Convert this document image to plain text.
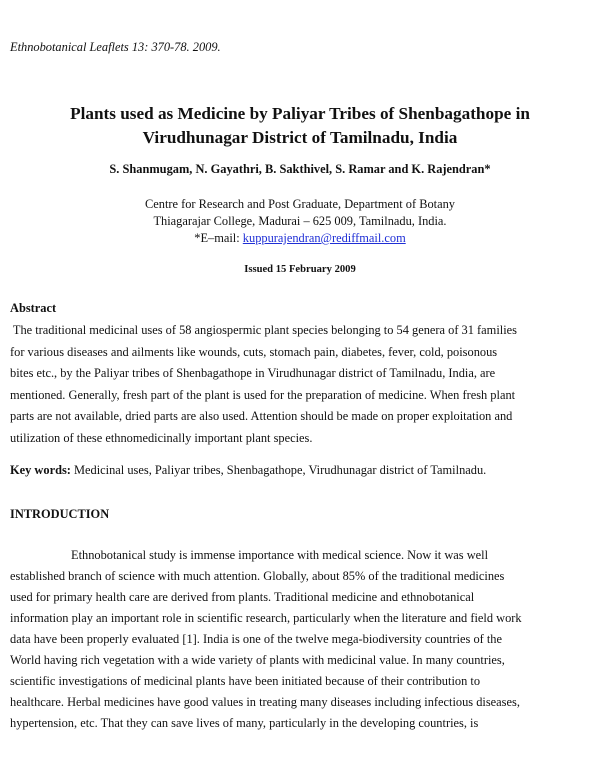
Ethnobotanical Leaflets 13: 370-78. 2009.
Plants used as Medicine by Paliyar Tribes of Shenbagathope in
Virudhunagar District of Tamilnadu, India
S. Shanmugam, N. Gayathri, B. Sakthivel, S. Ramar and K. Rajendran*
Centre for Research and Post Graduate, Department of Botany
Thiagarajar College, Madurai – 625 009, Tamilnadu, India.
*E–mail: kuppurajendran@rediffmail.com
Issued 15 February 2009
Abstract
The traditional medicinal uses of 58 angiospermic plant species belonging to 54 genera of 31 families
for various diseases and ailments like wounds, cuts, stomach pain, diabetes, fever, cold, poisonous
bites etc., by the Paliyar tribes of Shenbagathope in Virudhunagar district of Tamilnadu, India, are
mentioned. Generally, fresh part of the plant is used for the preparation of medicine. When fresh plant
parts are not available, dried parts are also used. Attention should be made on proper exploitation and
utilization of these ethnomedicinally important plant species.
Key words: Medicinal uses, Paliyar tribes, Shenbagathope, Virudhunagar district of Tamilnadu.
INTRODUCTION
Ethnobotanical study is immense importance with medical science. Now it was well
established branch of science with much attention. Globally, about 85% of the traditional medicines
used for primary health care are derived from plants. Traditional medicine and ethnobotanical
information play an important role in scientific research, particularly when the literature and field work
data have been properly evaluated [1]. India is one of the twelve mega-biodiversity countries of the
World having rich vegetation with a wide variety of plants with medicinal value. In many countries,
scientific investigations of medicinal plants have been initiated because of their contribution to
healthcare. Herbal medicines have good values in treating many diseases including infectious diseases,
hypertension, etc. That they can save lives of many, particularly in the developing countries, is
